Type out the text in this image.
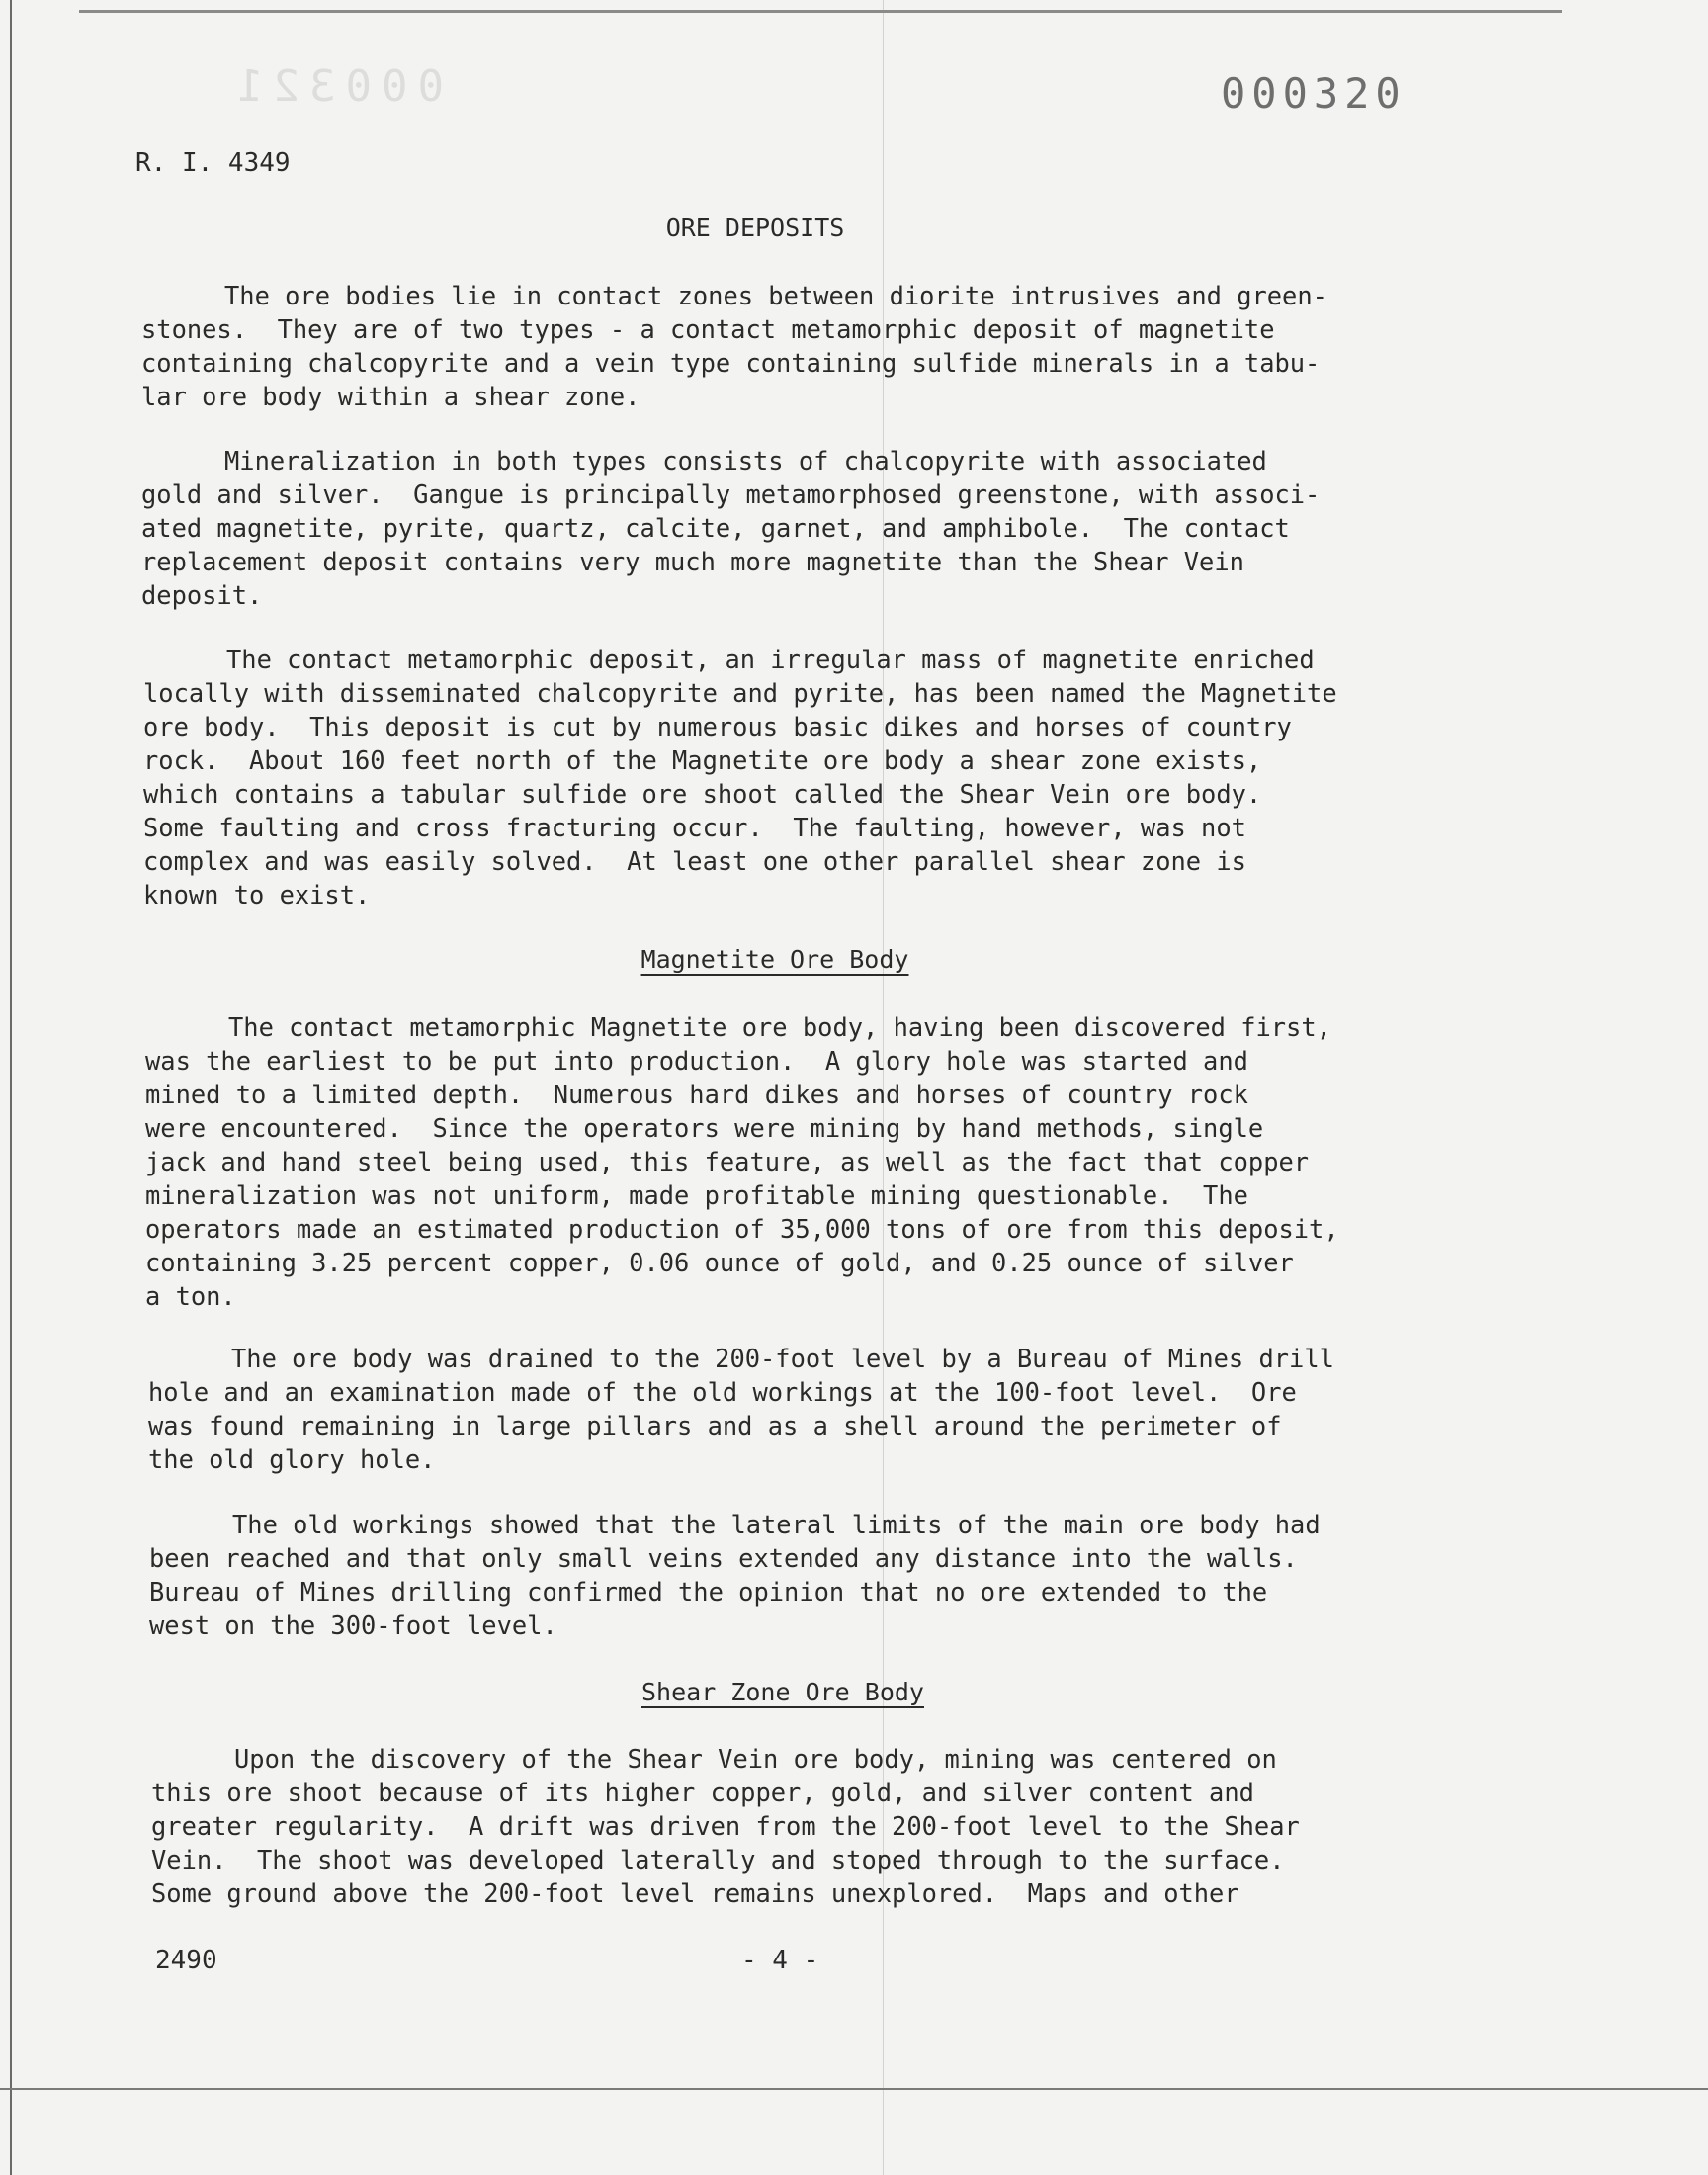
000321	000320
R. I. 4349
ORE DEPOSITS
The ore bodies lie in contact zones between diorite intrusives and green-
stones.  They are of two types - a contact metamorphic deposit of magnetite
containing chalcopyrite and a vein type containing sulfide minerals in a tabu-
lar ore body within a shear zone.
Mineralization in both types consists of chalcopyrite with associated
gold and silver.  Gangue is principally metamorphosed greenstone, with associ-
ated magnetite, pyrite, quartz, calcite, garnet, and amphibole.  The contact
replacement deposit contains very much more magnetite than the Shear Vein
deposit.
The contact metamorphic deposit, an irregular mass of magnetite enriched
locally with disseminated chalcopyrite and pyrite, has been named the Magnetite
ore body.  This deposit is cut by numerous basic dikes and horses of country
rock.  About 160 feet north of the Magnetite ore body a shear zone exists,
which contains a tabular sulfide ore shoot called the Shear Vein ore body.
Some faulting and cross fracturing occur.  The faulting, however, was not
complex and was easily solved.  At least one other parallel shear zone is
known to exist.
Magnetite Ore Body
The contact metamorphic Magnetite ore body, having been discovered first,
was the earliest to be put into production.  A glory hole was started and
mined to a limited depth.  Numerous hard dikes and horses of country rock
were encountered.  Since the operators were mining by hand methods, single
jack and hand steel being used, this feature, as well as the fact that copper
mineralization was not uniform, made profitable mining questionable.  The
operators made an estimated production of 35,000 tons of ore from this deposit,
containing 3.25 percent copper, 0.06 ounce of gold, and 0.25 ounce of silver
a ton.
The ore body was drained to the 200-foot level by a Bureau of Mines drill
hole and an examination made of the old workings at the 100-foot level.  Ore
was found remaining in large pillars and as a shell around the perimeter of
the old glory hole.
The old workings showed that the lateral limits of the main ore body had
been reached and that only small veins extended any distance into the walls.
Bureau of Mines drilling confirmed the opinion that no ore extended to the
west on the 300-foot level.
Shear Zone Ore Body
Upon the discovery of the Shear Vein ore body, mining was centered on
this ore shoot because of its higher copper, gold, and silver content and
greater regularity.  A drift was driven from the 200-foot level to the Shear
Vein.  The shoot was developed laterally and stoped through to the surface.
Some ground above the 200-foot level remains unexplored.  Maps and other
2490	- 4 -
